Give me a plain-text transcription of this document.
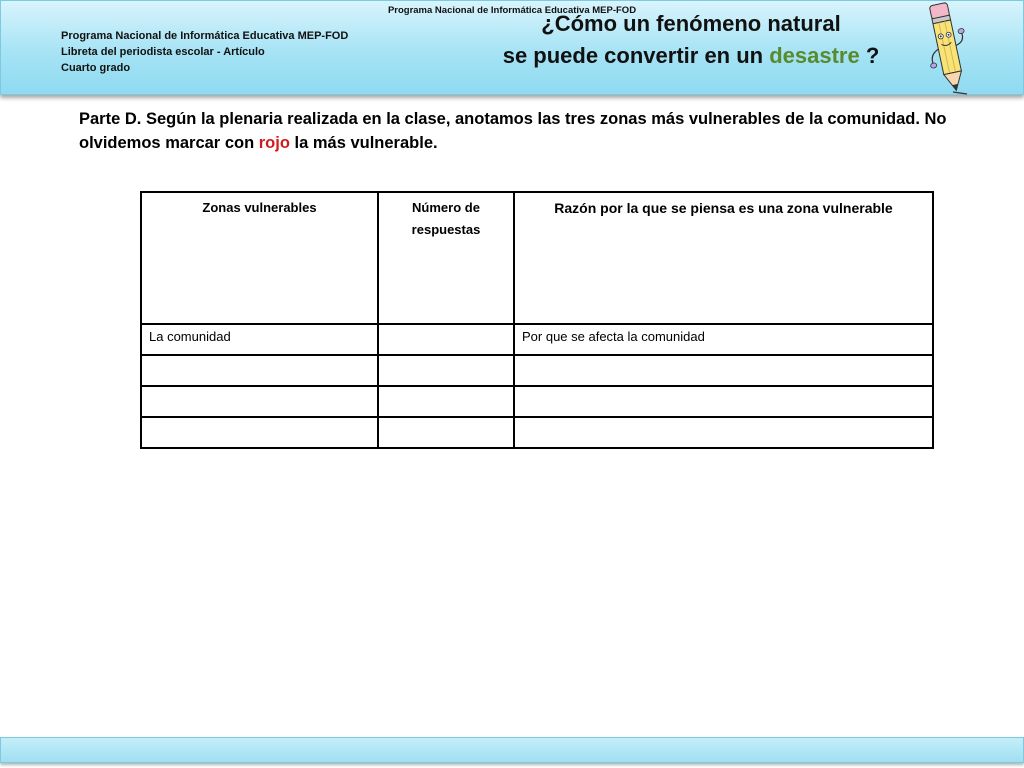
Programa Nacional de Informática Educativa MEP-FOD
Libreta del periodista escolar - Artículo
Cuarto grado
¿Cómo un fenómeno natural
se puede convertir en un desastre ?
Parte D. Según la plenaria realizada en la clase, anotamos las tres zonas más vulnerables de la comunidad. No olvidemos marcar con rojo la más vulnerable.
Zonas vulnerables	Número de respuestas	Razón por la que se piensa es una zona vulnerable
La comunidad		Por que se afecta la comunidad

Programa Nacional de Informática Educativa MEP-FOD
